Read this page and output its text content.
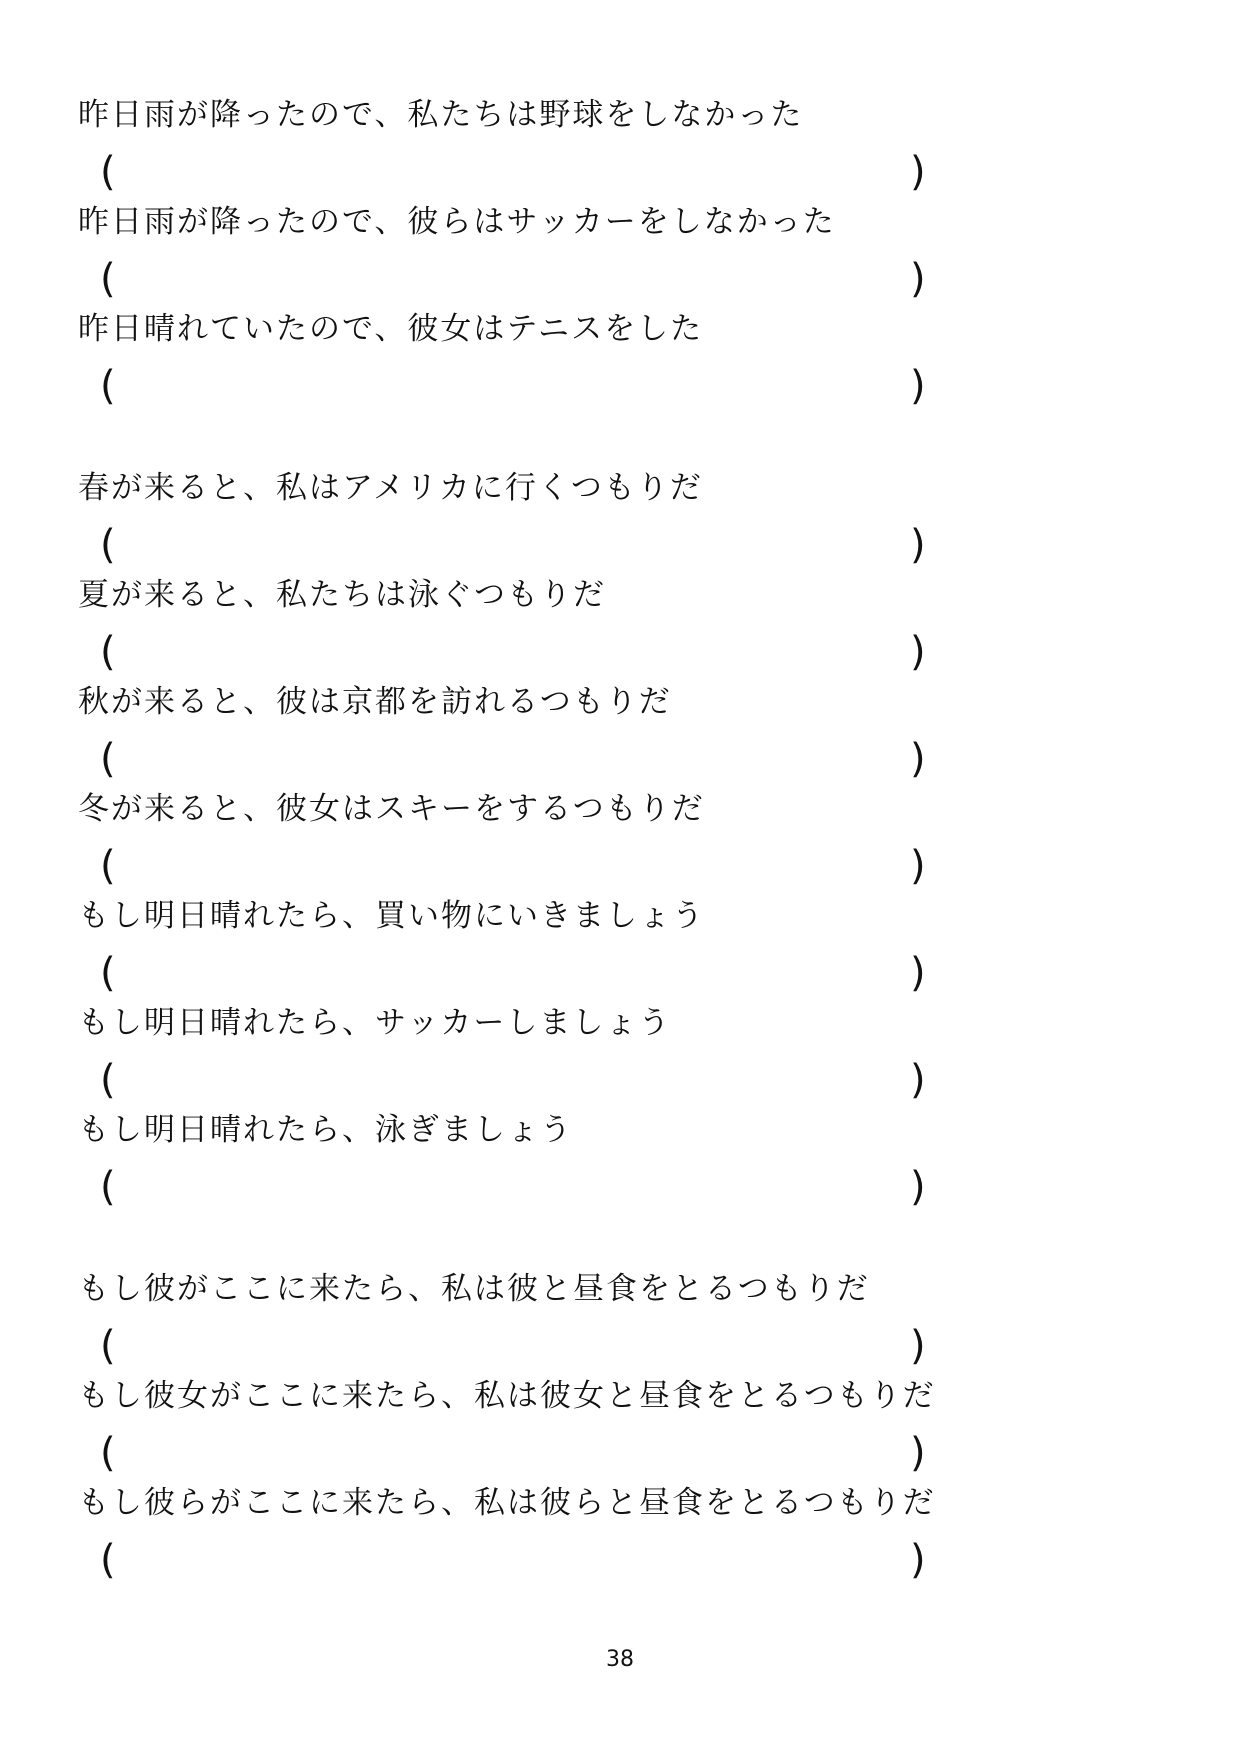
昨日雨が降ったので、私たちは野球をしなかった
(	)
昨日雨が降ったので、彼らはサッカーをしなかった
(	)
昨日晴れていたので、彼女はテニスをした
(	)
春が来ると、私はアメリカに行くつもりだ
(	)
夏が来ると、私たちは泳ぐつもりだ
(	)
秋が来ると、彼は京都を訪れるつもりだ
(	)
冬が来ると、彼女はスキーをするつもりだ
(	)
もし明日晴れたら、買い物にいきましょう
(	)
もし明日晴れたら、サッカーしましょう
(	)
もし明日晴れたら、泳ぎましょう
(	)
もし彼がここに来たら、私は彼と昼食をとるつもりだ
(	)
もし彼女がここに来たら、私は彼女と昼食をとるつもりだ
(	)
もし彼らがここに来たら、私は彼らと昼食をとるつもりだ
(	)
38
